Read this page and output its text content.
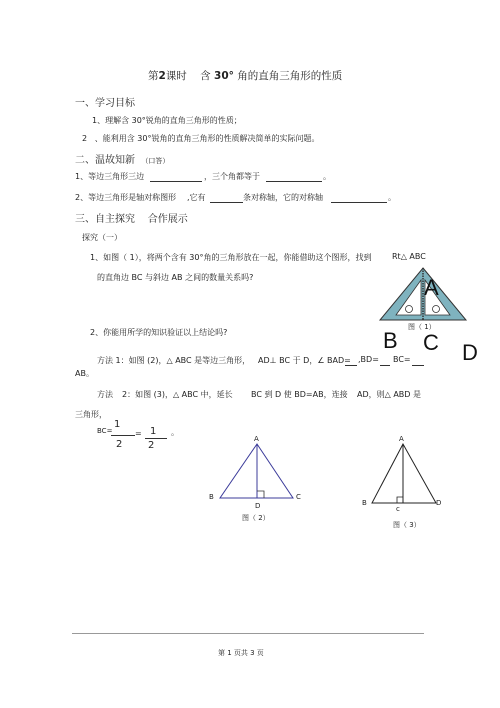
第2课时 含 30° 角的直角三角形的性质
一、学习目标
1、理解含 30°锐角的直角三角形的性质；
2 、能利用含 30°锐角的直角三角形的性质解决简单的实际问题。
二、温故知新 （口答）
1、等边三角形三边	，三个角都等于	。
2、等边三角形是轴对称图形 ,它有	条对称轴，它的对称轴	。
三、自主探究 合作展示
探究（一）
1、如图（ 1），将两个含有 30°角的三角形放在一起，你能借助这个图形，找到	Rt△ ABC
的直角边 BC 与斜边 AB 之间的数量关系吗?	A
图（ 1）
B C D
2、你能用所学的知识验证以上结论吗?
方法 1：如图 (2)，△ ABC 是等边三角形， AD⊥ BC 于 D，∠ BAD= ,BD= BC=
AB。
方法 2：如图 (3)，△ ABC 中，延长 BC 到 D 使 BD=AB，连接 AD，则△ ABD 是
三角形，
BC=
1
2
= 1
2
。
A
B	C
D
图（ 2）
A
B	D
c
图（ 3）
第 1 页共 3 页
